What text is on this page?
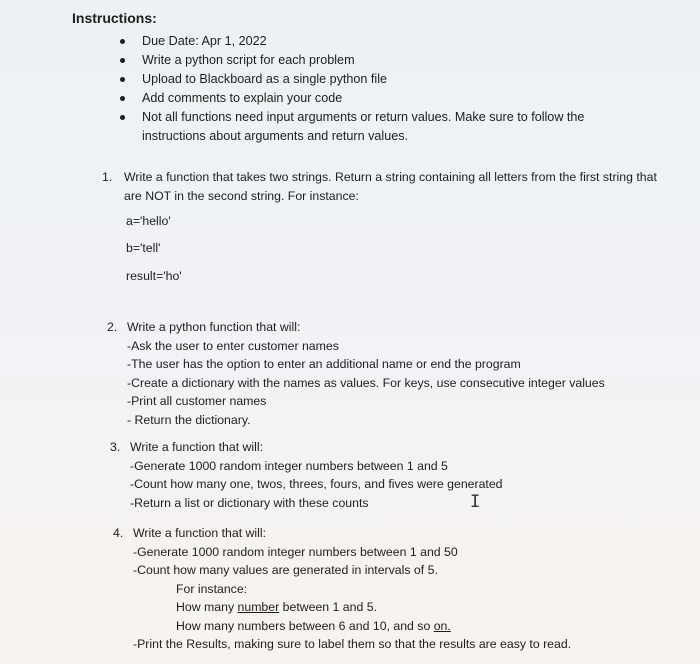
Instructions:
Due Date: Apr 1, 2022
Write a python script for each problem
Upload to Blackboard as a single python file
Add comments to explain your code
Not all functions need input arguments or return values. Make sure to follow the instructions about arguments and return values.
1. Write a function that takes two strings. Return a string containing all letters from the first string that are NOT in the second string. For instance:
a='hello'
b='tell'
result='ho'
2. Write a python function that will:
-Ask the user to enter customer names
-The user has the option to enter an additional name or end the program
-Create a dictionary with the names as values. For keys, use consecutive integer values
-Print all customer names
- Return the dictionary.
3. Write a function that will:
-Generate 1000 random integer numbers between 1 and 5
-Count how many one, twos, threes, fours, and fives were generated
-Return a list or dictionary with these counts	I
4. Write a function that will:
-Generate 1000 random integer numbers between 1 and 50
-Count how many values are generated in intervals of 5.
For instance:
How many number between 1 and 5.
How many numbers between 6 and 10, and so on.
-Print the Results, making sure to label them so that the results are easy to read.
